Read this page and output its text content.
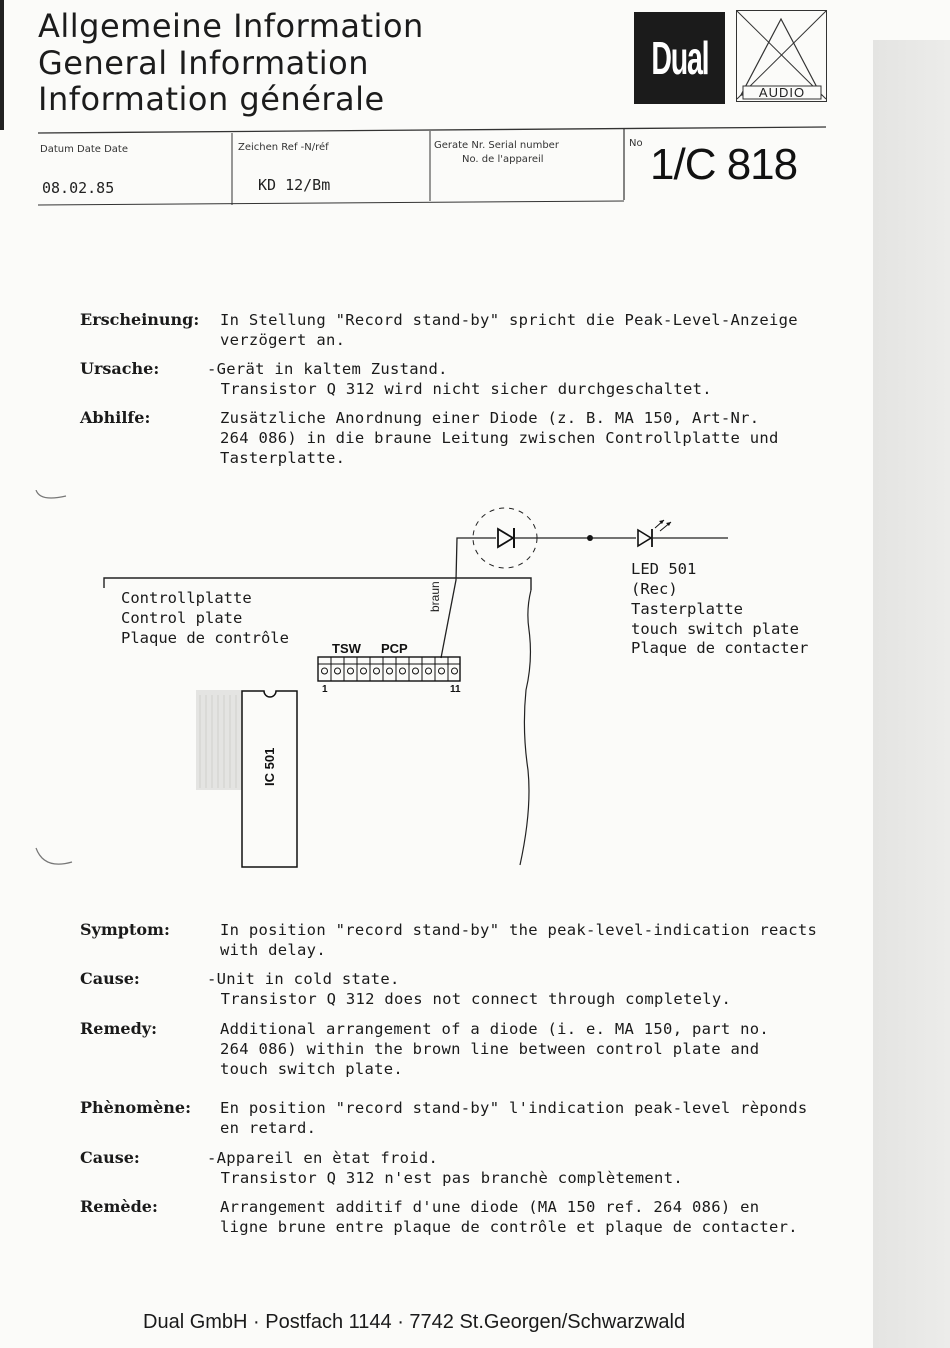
Allgemeine Information
General Information
Information générale
Dual
AUDIO
Datum Date Date
08.02.85
Zeichen Ref -N/réf
KD 12/Bm
Gerate Nr. Serial number
No. de l'appareil
No 1/C 818
Erscheinung: In Stellung "Record stand-by" spricht die Peak-Level-Anzeige
verzögert an.
Ursache:	-Gerät in kaltem Zustand.
Transistor Q 312 wird nicht sicher durchgeschaltet.
Abhilfe:	Zusätzliche Anordnung einer Diode (z. B. MA 150, Art-Nr.
264 086) in die braune Leitung zwischen Controllplatte und
Tasterplatte.
Controllplatte
Control plate
Plaque de contrôle
braun
TSW PCP
1	11
IC 501
LED 501
(Rec)
Tasterplatte
touch switch plate
Plaque de contacter
Symptom:	In position "record stand-by" the peak-level-indication reacts
with delay.
Cause:	-Unit in cold state.
Transistor Q 312 does not connect through completely.
Remedy:	Additional arrangement of a diode (i. e. MA 150, part no.
264 086) within the brown line between control plate and
touch switch plate.
Phènomène: En position "record stand-by" l'indication peak-level rèponds
en retard.
Cause:	-Appareil en ètat froid.
Transistor Q 312 n'est pas branchè complètement.
Remède:	Arrangement additif d'une diode (MA 150 ref. 264 086) en
ligne brune entre plaque de contrôle et plaque de contacter.
Dual GmbH · Postfach 1144 · 7742 St.Georgen/Schwarzwald
